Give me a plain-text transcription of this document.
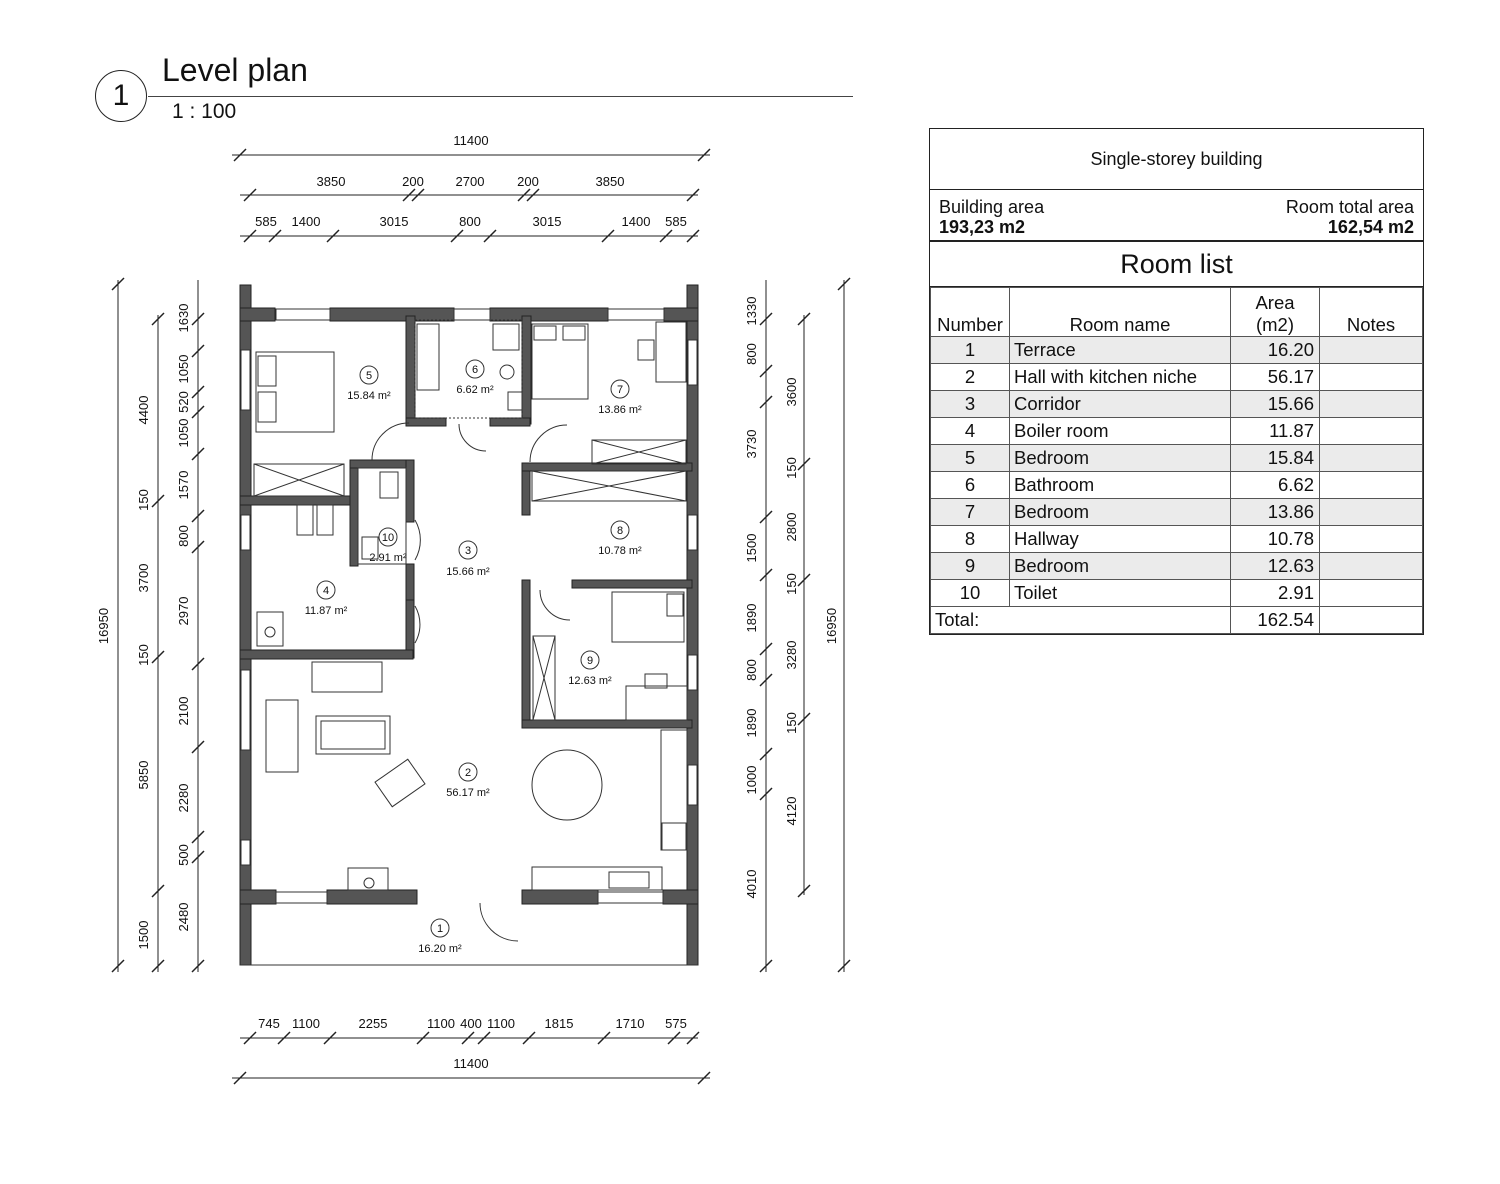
1
Level plan
1 : 100
1
16.20 m²
2
56.17 m²
3
15.66 m²
4
11.87 m²
5
15.84 m²
6
6.62 m²	7
13.86 m²
8
10.78 m²
9
12.63 m²
10
2.91 m²
11400
3850	200 2700	200	3850
585 1400	3015	800	3015	1400 585
745 1100	2255	1100 400 1100 1815	1710 575
11400
16950
1500
5850
150
3700
150
4400
2480
500
2280
2100
2970
800
1570
1050
520
1050
1630
16950
4120
150
3280
150
2800
150
3600
4010
1000
1890
800
1890
1500
3730
800
1330
Single-storey building
Building area
193,23 m2
Room total area
162,54 m2
Room list
Number	Room name	Area
(m2)	Notes
1	Terrace	16.20	
2	Hall with kitchen niche	56.17	
3	Corridor	15.66	
4	Boiler room	11.87	
5	Bedroom	15.84	
6	Bathroom	6.62	
7	Bedroom	13.86	
8	Hallway	10.78	
9	Bedroom	12.63	
10	Toilet	2.91	
Total:		162.54	
